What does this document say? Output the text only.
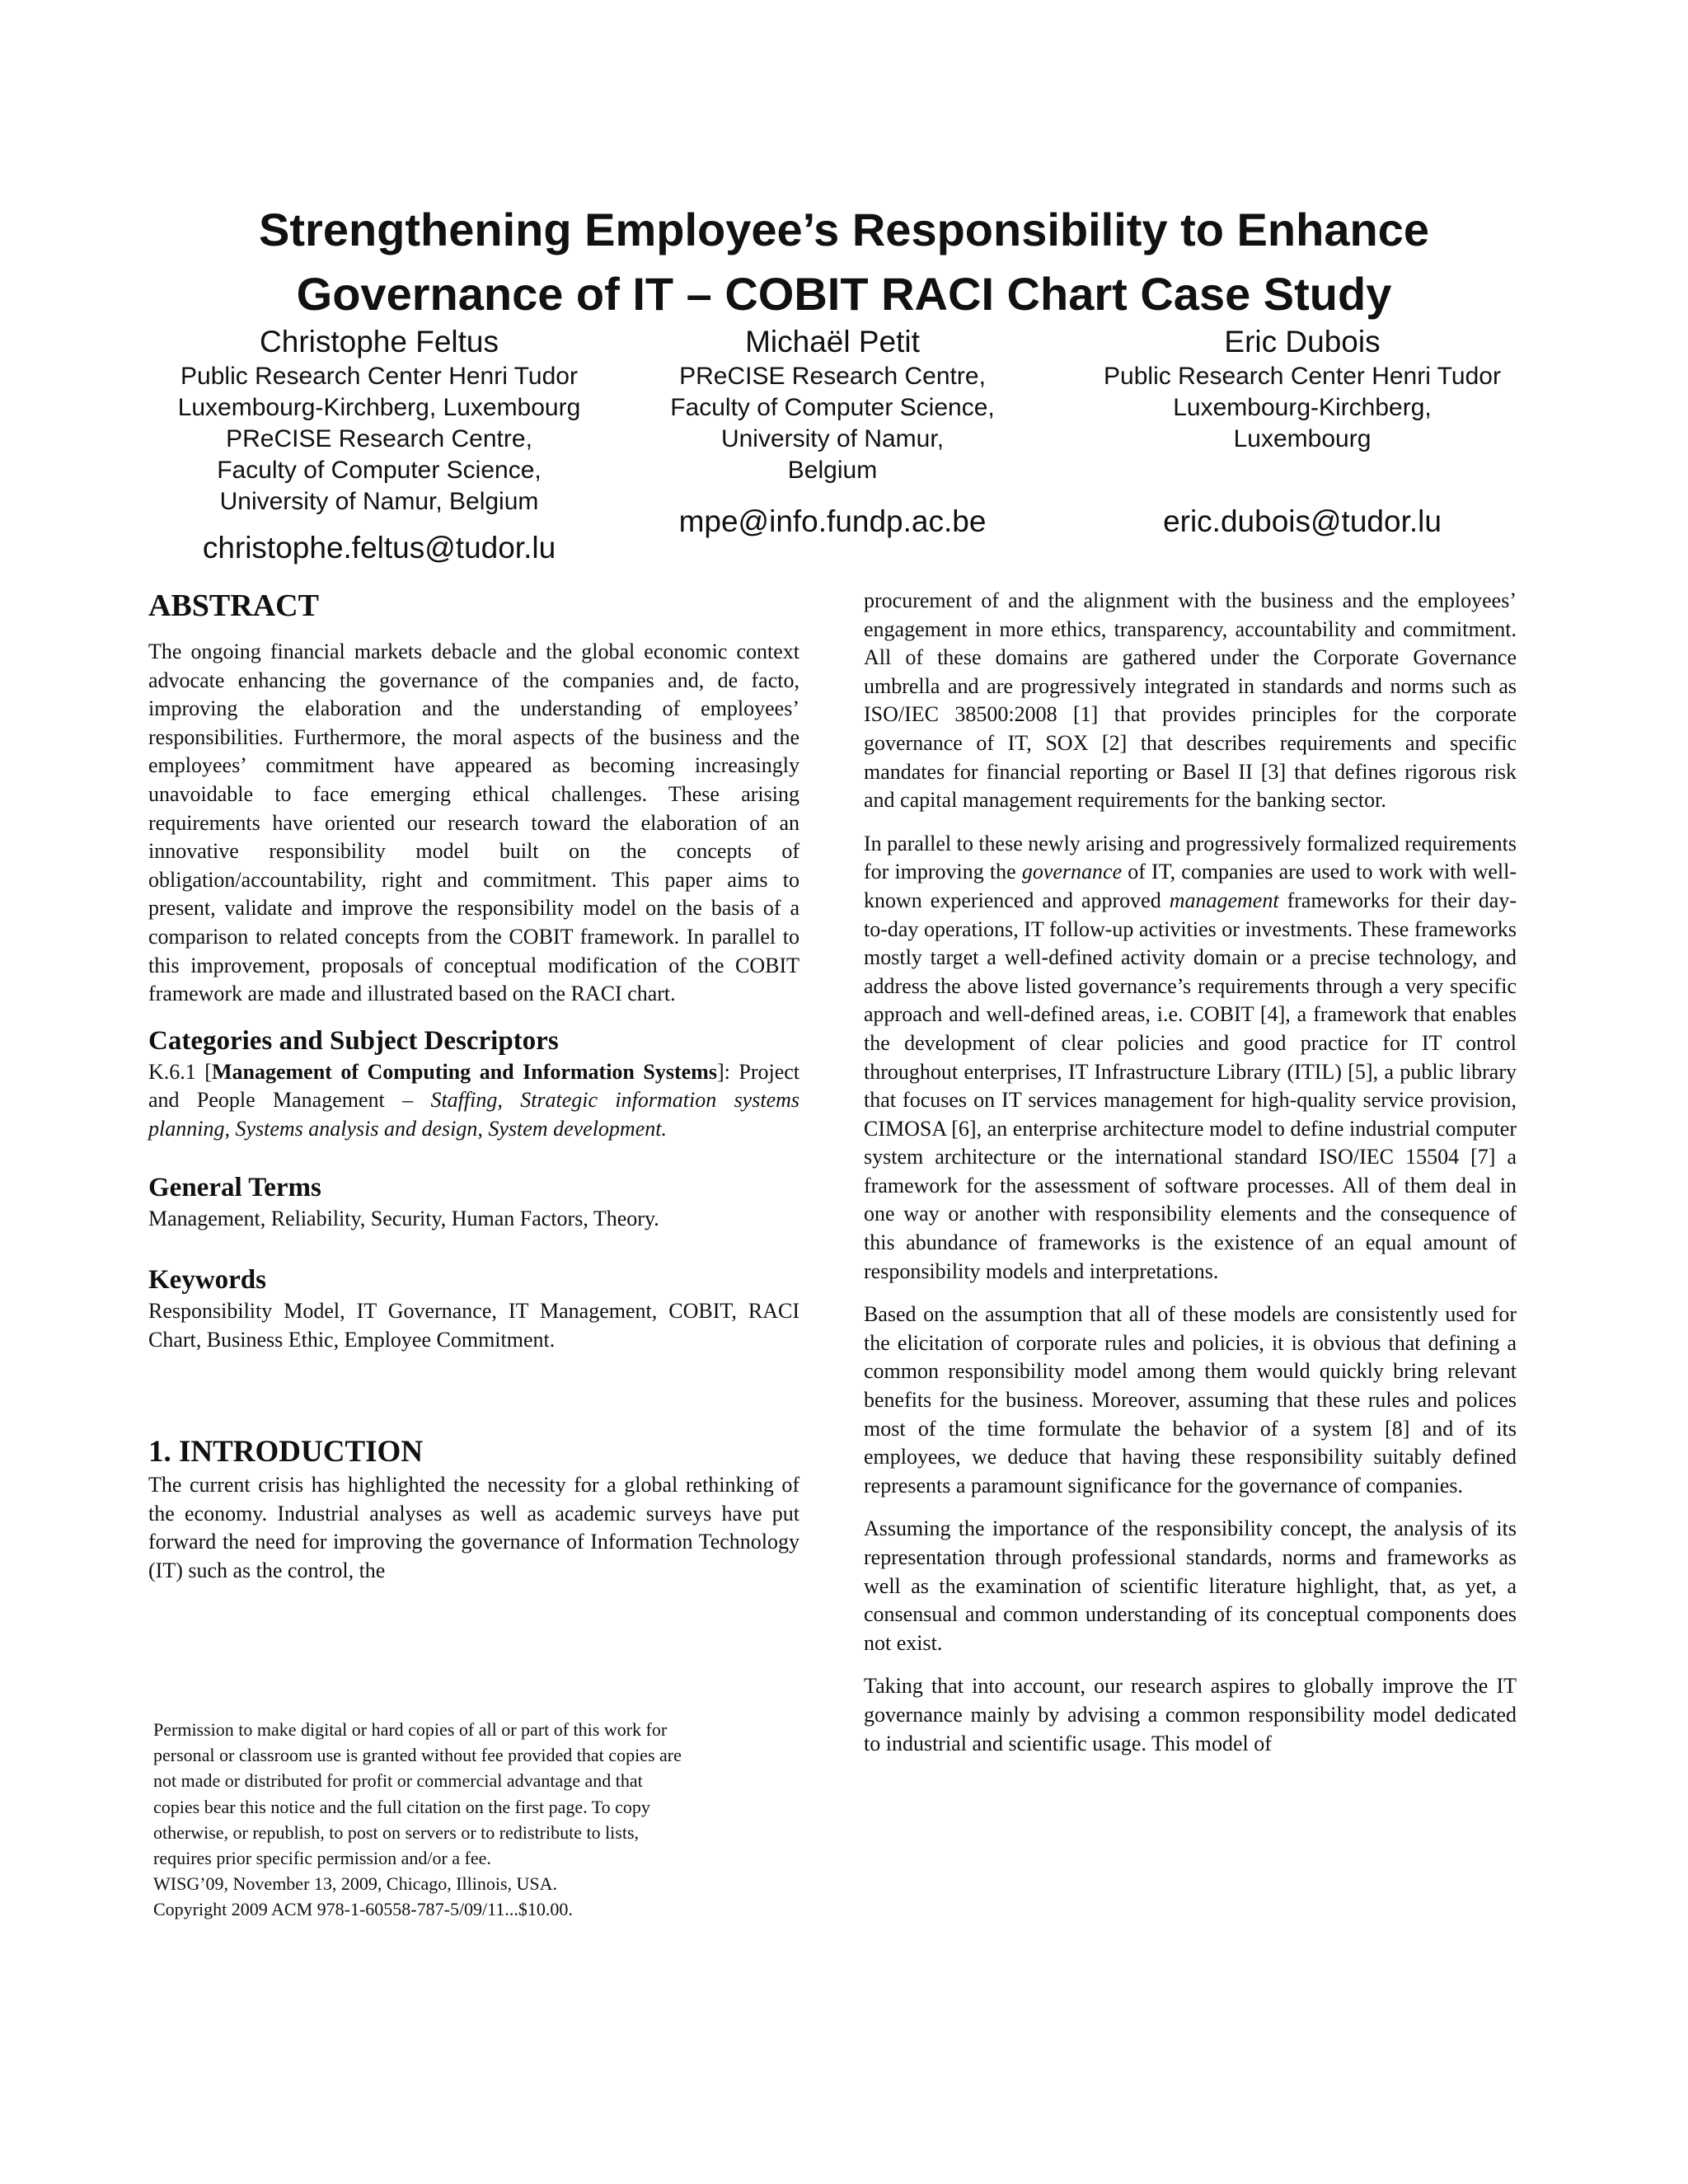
Strengthening Employee’s Responsibility to Enhance
Governance of IT – COBIT RACI Chart Case Study
Christophe Feltus
Public Research Center Henri Tudor
Luxembourg-Kirchberg, Luxembourg
PReCISE Research Centre,
Faculty of Computer Science,
University of Namur, Belgium
christophe.feltus@tudor.lu
Michaël Petit
PReCISE Research Centre,
Faculty of Computer Science,
University of Namur,
Belgium
mpe@info.fundp.ac.be
Eric Dubois
Public Research Center Henri Tudor
Luxembourg-Kirchberg,
Luxembourg
eric.dubois@tudor.lu
ABSTRACT

The ongoing financial markets debacle and the global economic context advocate enhancing the governance of the companies and, de facto, improving the elaboration and the understanding of employees’ responsibilities. Furthermore, the moral aspects of the business and the employees’ commitment have appeared as becoming increasingly unavoidable to face emerging ethical challenges. These arising requirements have oriented our research toward the elaboration of an innovative responsibility model built on the concepts of obligation/accountability, right and commitment. This paper aims to present, validate and improve the responsibility model on the basis of a comparison to related concepts from the COBIT framework. In parallel to this improvement, proposals of conceptual modification of the COBIT framework are made and illustrated based on the RACI chart.

Categories and Subject Descriptors

K.6.1 [Management of Computing and Information Systems]: Project and People Management – Staffing, Strategic information systems planning, Systems analysis and design, System development.

General Terms

Management, Reliability, Security, Human Factors, Theory.

Keywords

Responsibility Model, IT Governance, IT Management, COBIT, RACI Chart, Business Ethic, Employee Commitment.

1. INTRODUCTION

The current crisis has highlighted the necessity for a global rethinking of the economy. Industrial analyses as well as academic surveys have put forward the need for improving the governance of Information Technology (IT) such as the control, the

Permission to make digital or hard copies of all or part of this work for

personal or classroom use is granted without fee provided that copies are

not made or distributed for profit or commercial advantage and that

copies bear this notice and the full citation on the first page. To copy

otherwise, or republish, to post on servers or to redistribute to lists,

requires prior specific permission and/or a fee.

WISG’09, November 13, 2009, Chicago, Illinois, USA.

Copyright 2009 ACM 978-1-60558-787-5/09/11...$10.00.

procurement of and the alignment with the business and the employees’ engagement in more ethics, transparency, accountability and commitment. All of these domains are gathered under the Corporate Governance umbrella and are progressively integrated in standards and norms such as ISO/IEC 38500:2008 [1] that provides principles for the corporate governance of IT, SOX [2] that describes requirements and specific mandates for financial reporting or Basel II [3] that defines rigorous risk and capital management requirements for the banking sector.

In parallel to these newly arising and progressively formalized requirements for improving the governance of IT, companies are used to work with well-known experienced and approved management frameworks for their day-to-day operations, IT follow-up activities or investments. These frameworks mostly target a well-defined activity domain or a precise technology, and address the above listed governance’s requirements through a very specific approach and well-defined areas, i.e. COBIT [4], a framework that enables the development of clear policies and good practice for IT control throughout enterprises, IT Infrastructure Library (ITIL) [5], a public library that focuses on IT services management for high-quality service provision, CIMOSA [6], an enterprise architecture model to define industrial computer system architecture or the international standard ISO/IEC 15504 [7] a framework for the assessment of software processes. All of them deal in one way or another with responsibility elements and the consequence of this abundance of frameworks is the existence of an equal amount of responsibility models and interpretations.

Based on the assumption that all of these models are consistently used for the elicitation of corporate rules and policies, it is obvious that defining a common responsibility model among them would quickly bring relevant benefits for the business. Moreover, assuming that these rules and polices most of the time formulate the behavior of a system [8] and of its employees, we deduce that having these responsibility suitably defined represents a paramount significance for the governance of companies.

Assuming the importance of the responsibility concept, the analysis of its representation through professional standards, norms and frameworks as well as the examination of scientific literature highlight, that, as yet, a consensual and common understanding of its conceptual components does not exist.

Taking that into account, our research aspires to globally improve the IT governance mainly by advising a common responsibility model dedicated to industrial and scientific usage. This model of
